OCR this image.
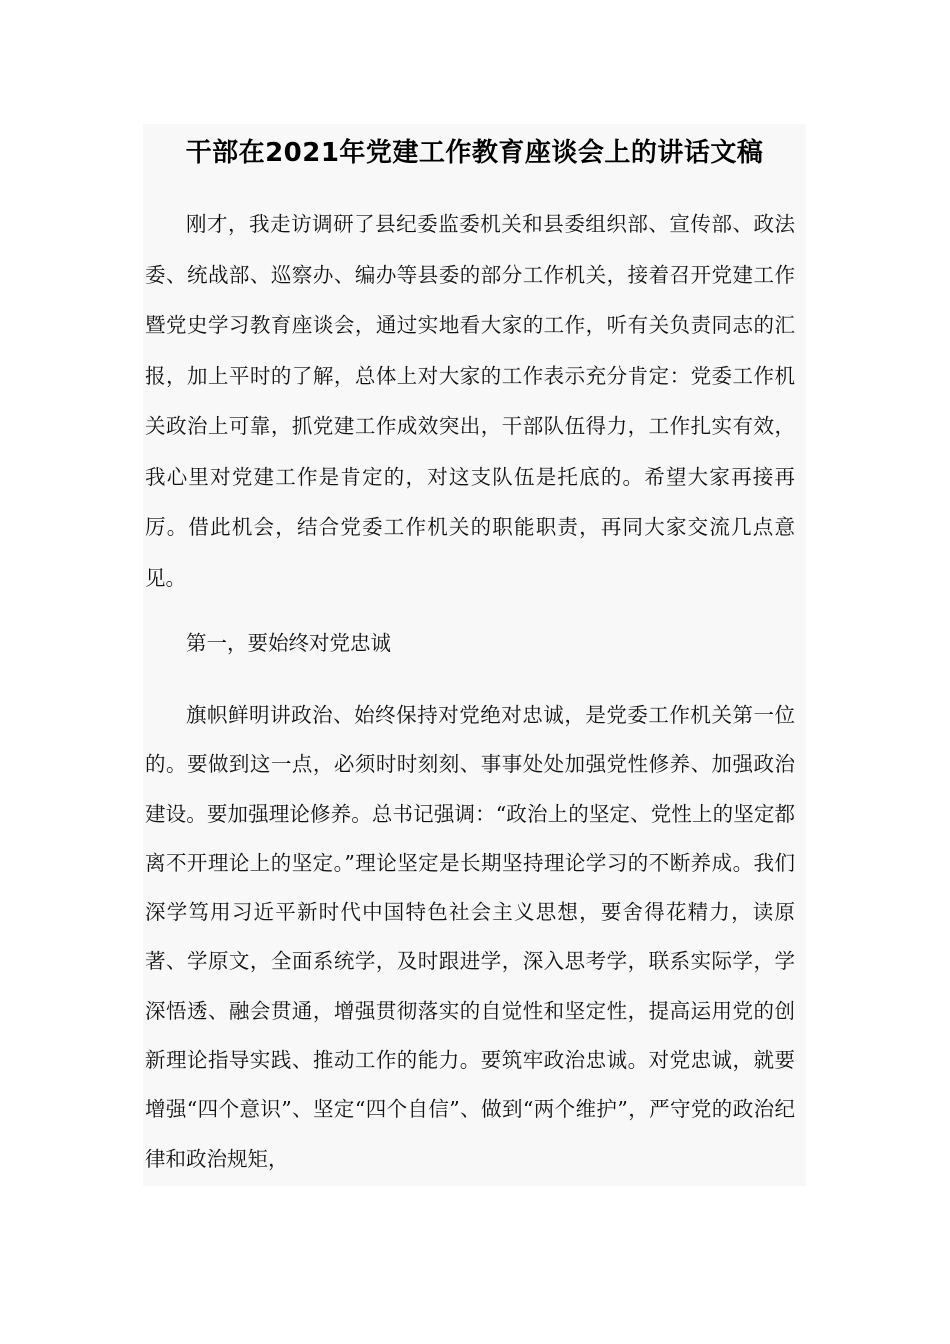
干部在2021年党建工作教育座谈会上的讲话文稿

刚才，我走访调研了县纪委监委机关和县委组织部、宣传部、政法委、统战部、巡察办、编办等县委的部分工作机关，接着召开党建工作暨党史学习教育座谈会，通过实地看大家的工作，听有关负责同志的汇报，加上平时的了解，总体上对大家的工作表示充分肯定：党委工作机关政治上可靠，抓党建工作成效突出，干部队伍得力，工作扎实有效，我心里对党建工作是肯定的，对这支队伍是托底的。希望大家再接再厉。借此机会，结合党委工作机关的职能职责，再同大家交流几点意见。

第一，要始终对党忠诚

旗帜鲜明讲政治、始终保持对党绝对忠诚，是党委工作机关第一位的。要做到这一点，必须时时刻刻、事事处处加强党性修养、加强政治建设。要加强理论修养。总书记强调：“政治上的坚定、党性上的坚定都离不开理论上的坚定。”理论坚定是长期坚持理论学习的不断养成。我们深学笃用习近平新时代中国特色社会主义思想，要舍得花精力，读原著、学原文，全面系统学，及时跟进学，深入思考学，联系实际学，学深悟透、融会贯通，增强贯彻落实的自觉性和坚定性，提高运用党的创新理论指导实践、推动工作的能力。要筑牢政治忠诚。对党忠诚，就要增强“四个意识”、坚定“四个自信”、做到“两个维护”，严守党的政治纪律和政治规矩，
